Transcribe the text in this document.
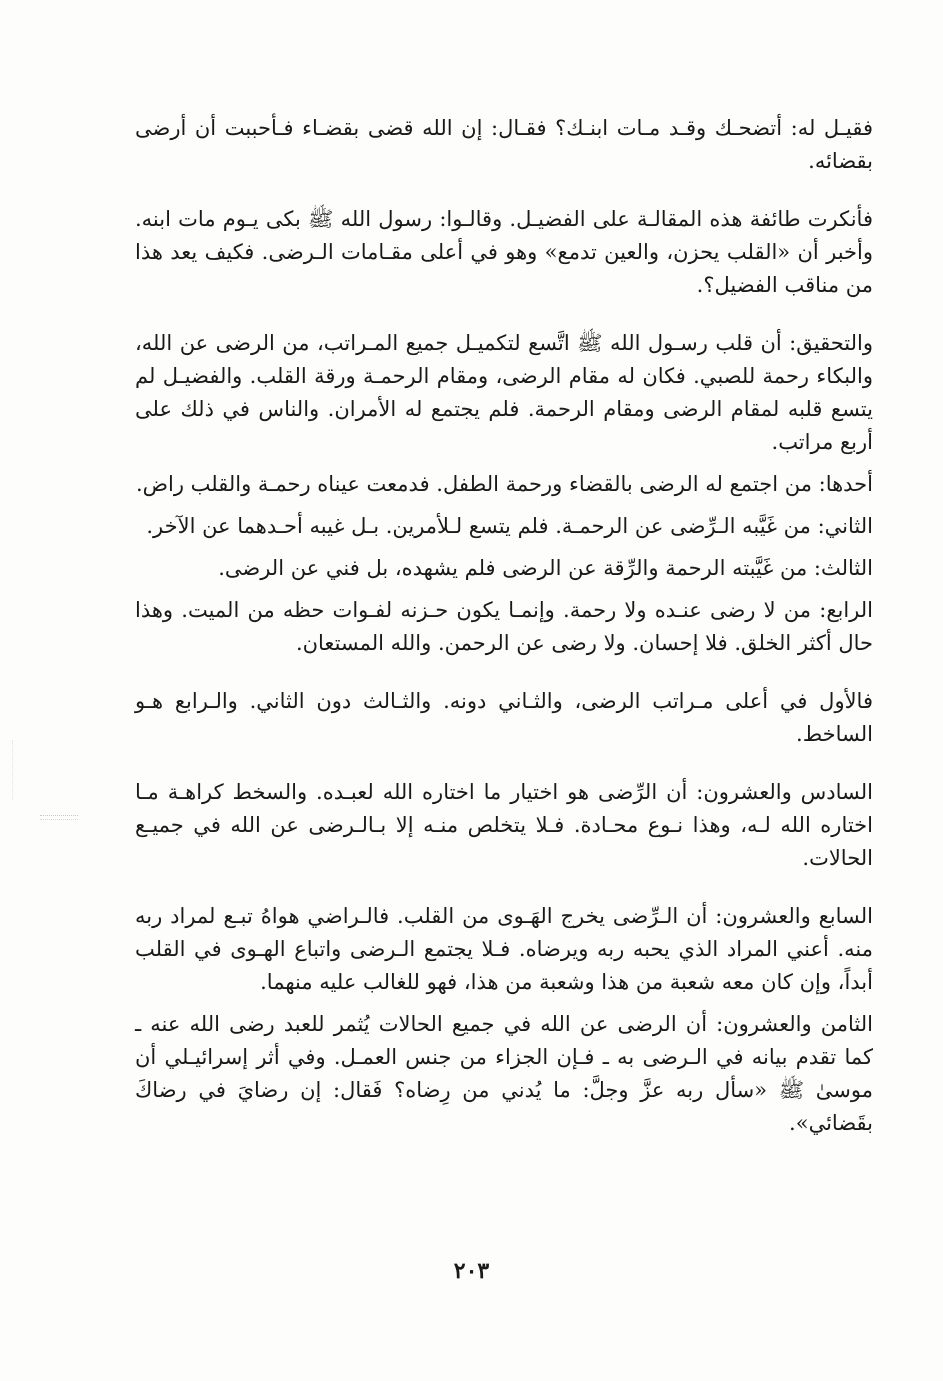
فقيـل له: أتضحـك وقـد مـات ابنـك؟ فقـال: إن الله قضى بقضـاء فـأحببت أن أرضى بقضائه.

فأنكرت طائفة هذه المقالـة على الفضيـل. وقالـوا: رسول الله ﷺ بكى يـوم مات ابنه. وأخبر أن «القلب يحزن، والعين تدمع» وهو في أعلى مقـامات الـرضى. فكيف يعد هذا من مناقب الفضيل؟.

والتحقيق: أن قلب رسـول الله ﷺ اتَّسع لتكميـل جميع المـراتب، من الرضى عن الله، والبكاء رحمة للصبي. فكان له مقام الرضى، ومقام الرحمـة ورقة القلب. والفضيـل لم يتسع قلبه لمقام الرضى ومقام الرحمة. فلم يجتمع له الأمران. والناس في ذلك على أربع مراتب.

أحدها: من اجتمع له الرضى بالقضاء ورحمة الطفل. فدمعت عيناه رحمـة والقلب راض.

الثاني: من غَيَّبه الـرِّضى عن الرحمـة. فلم يتسع لـلأمرين. بـل غيبه أحـدهما عن الآخر.

الثالث: من غَيَّبته الرحمة والرِّقة عن الرضى فلم يشهده، بل فني عن الرضى.

الرابع: من لا رضى عنـده ولا رحمة. وإنمـا يكون حـزنه لفـوات حظه من الميت. وهذا حال أكثر الخلق. فلا إحسان. ولا رضى عن الرحمن. والله المستعان.

فالأول في أعلى مـراتب الرضى، والثـاني دونه. والثـالث دون الثاني. والـرابع هـو الساخط.

السادس والعشرون: أن الرِّضى هو اختيار ما اختاره الله لعبـده. والسخط كراهـة مـا اختاره الله لـه، وهذا نـوع محـادة. فـلا يتخلص منـه إلا بـالـرضى عن الله في جميـع الحالات.

السابع والعشرون: أن الـرِّضى يخرج الهَـوى من القلب. فالـراضي هواهُ تبـع لمراد ربه منه. أعني المراد الذي يحبه ربه ويرضاه. فـلا يجتمع الـرضى واتباع الهـوى في القلب أبداً، وإن كان معه شعبة من هذا وشعبة من هذا، فهو للغالب عليه منهما.

الثامن والعشرون: أن الرضى عن الله في جميع الحالات يُثمر للعبد رضى الله عنه ـ كما تقدم بيانه في الـرضى به ـ فـإن الجزاء من جنس العمـل. وفي أثر إسرائيـلي أن موسىٰ ﷺ «سأل ربه عزَّ وجلَّ: ما يُدني من رِضاه؟ فَقال: إن رضايَ في رضاكَ بقَضائي».

٢٠٣
